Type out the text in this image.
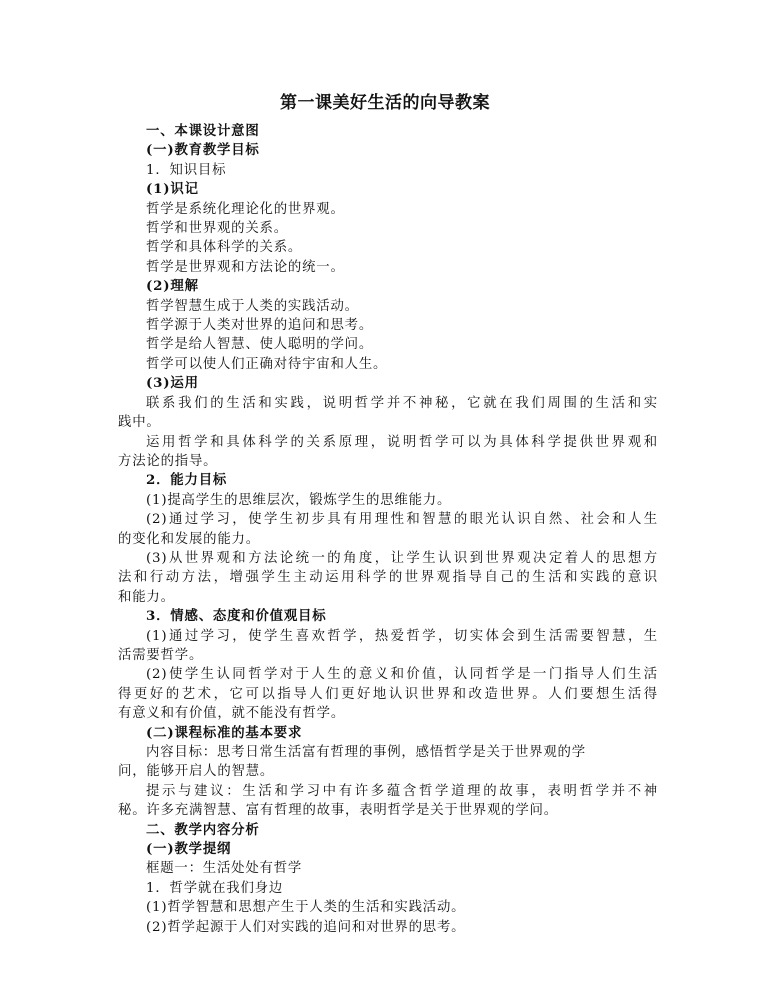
第一课美好生活的向导教案

一、本课设计意图

(一)教育教学目标

1．知识目标

(1)识记

哲学是系统化理论化的世界观。

哲学和世界观的关系。

哲学和具体科学的关系。

哲学是世界观和方法论的统一。

(2)理解

哲学智慧生成于人类的实践活动。

哲学源于人类对世界的追问和思考。

哲学是给人智慧、使人聪明的学问。

哲学可以使人们正确对待宇宙和人生。

(3)运用

联系我们的生活和实践，说明哲学并不神秘，它就在我们周围的生活和实

践中。

运用哲学和具体科学的关系原理，说明哲学可以为具体科学提供世界观和

方法论的指导。

2．能力目标

(1)提高学生的思维层次，锻炼学生的思维能力。

(2)通过学习，使学生初步具有用理性和智慧的眼光认识自然、社会和人生

的变化和发展的能力。

(3)从世界观和方法论统一的角度，让学生认识到世界观决定着人的思想方

法和行动方法，增强学生主动运用科学的世界观指导自己的生活和实践的意识

和能力。

3．情感、态度和价值观目标

(1)通过学习，使学生喜欢哲学，热爱哲学，切实体会到生活需要智慧，生

活需要哲学。

(2)使学生认同哲学对于人生的意义和价值，认同哲学是一门指导人们生活

得更好的艺术，它可以指导人们更好地认识世界和改造世界。人们要想生活得

有意义和有价值，就不能没有哲学。

(二)课程标准的基本要求

内容目标：思考日常生活富有哲理的事例，感悟哲学是关于世界观的学

问，能够开启人的智慧。

提示与建议：生活和学习中有许多蕴含哲学道理的故事，表明哲学并不神

秘。许多充满智慧、富有哲理的故事，表明哲学是关于世界观的学问。

二、教学内容分析

(一)教学提纲

框题一：生活处处有哲学

1．哲学就在我们身边

(1)哲学智慧和思想产生于人类的生活和实践活动。

(2)哲学起源于人们对实践的追问和对世界的思考。
